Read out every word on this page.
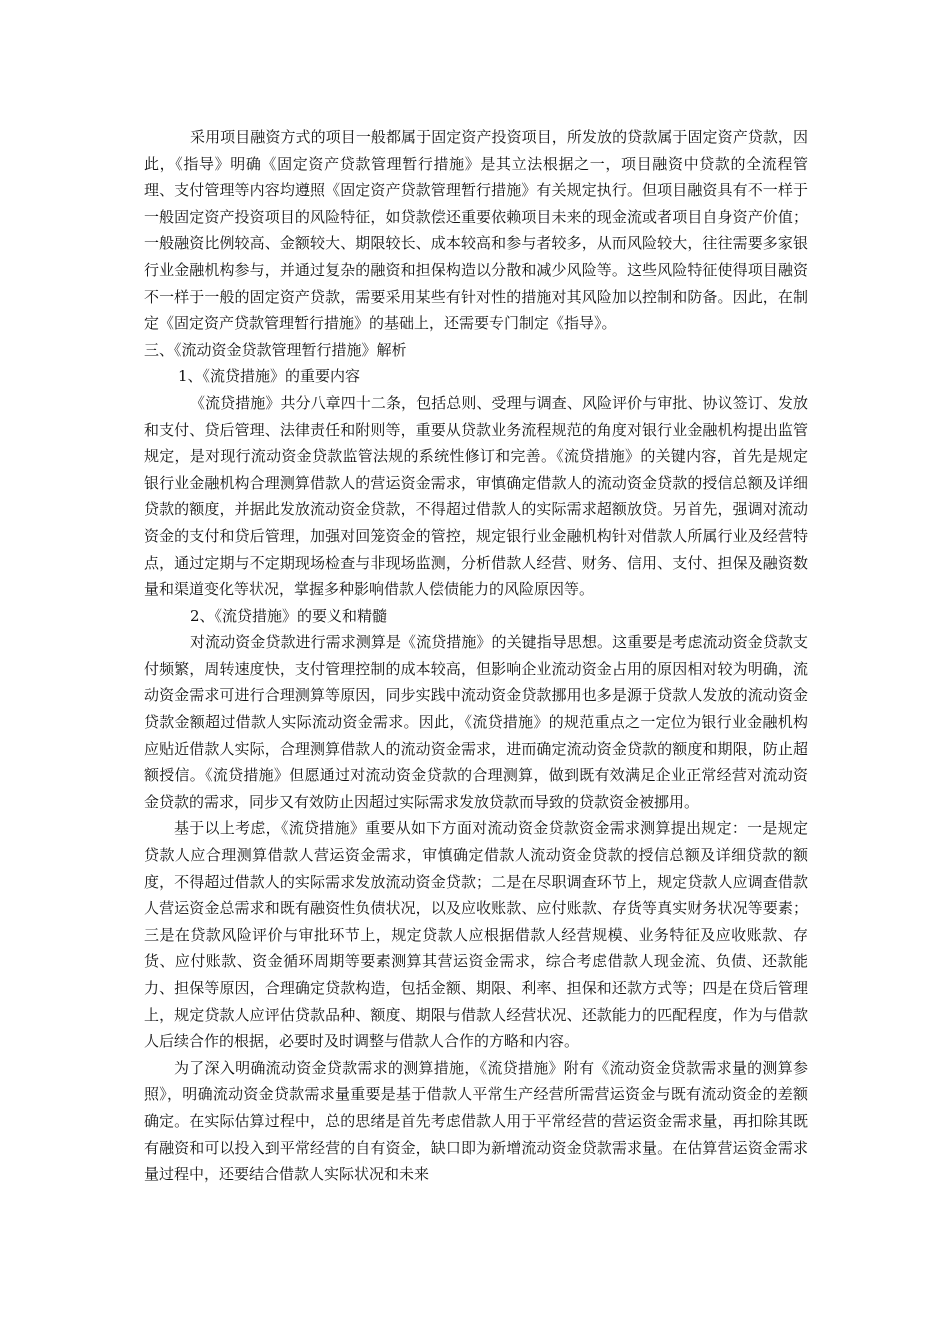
采用项目融资方式的项目一般都属于固定资产投资项目，所发放的贷款属于固定资产贷款，因此，《指导》明确《固定资产贷款管理暂行措施》是其立法根据之一，项目融资中贷款的全流程管理、支付管理等内容均遵照《固定资产贷款管理暂行措施》有关规定执行。但项目融资具有不一样于一般固定资产投资项目的风险特征，如贷款偿还重要依赖项目未来的现金流或者项目自身资产价值；一般融资比例较高、金额较大、期限较长、成本较高和参与者较多，从而风险较大，往往需要多家银行业金融机构参与，并通过复杂的融资和担保构造以分散和减少风险等。这些风险特征使得项目融资不一样于一般的固定资产贷款，需要采用某些有针对性的措施对其风险加以控制和防备。因此，在制定《固定资产贷款管理暂行措施》的基础上，还需要专门制定《指导》。

三、《流动资金贷款管理暂行措施》解析

1、《流贷措施》的重要内容

《流贷措施》共分八章四十二条，包括总则、受理与调查、风险评价与审批、协议签订、发放和支付、贷后管理、法律责任和附则等，重要从贷款业务流程规范的角度对银行业金融机构提出监管规定，是对现行流动资金贷款监管法规的系统性修订和完善。《流贷措施》的关键内容，首先是规定银行业金融机构合理测算借款人的营运资金需求，审慎确定借款人的流动资金贷款的授信总额及详细贷款的额度，并据此发放流动资金贷款，不得超过借款人的实际需求超额放贷。另首先，强调对流动资金的支付和贷后管理，加强对回笼资金的管控，规定银行业金融机构针对借款人所属行业及经营特点，通过定期与不定期现场检查与非现场监测，分析借款人经营、财务、信用、支付、担保及融资数量和渠道变化等状况，掌握多种影响借款人偿债能力的风险原因等。

2、《流贷措施》的要义和精髓

对流动资金贷款进行需求测算是《流贷措施》的关键指导思想。这重要是考虑流动资金贷款支付频繁，周转速度快，支付管理控制的成本较高，但影响企业流动资金占用的原因相对较为明确，流动资金需求可进行合理测算等原因，同步实践中流动资金贷款挪用也多是源于贷款人发放的流动资金贷款金额超过借款人实际流动资金需求。因此，《流贷措施》的规范重点之一定位为银行业金融机构应贴近借款人实际，合理测算借款人的流动资金需求，进而确定流动资金贷款的额度和期限，防止超额授信。《流贷措施》但愿通过对流动资金贷款的合理测算，做到既有效满足企业正常经营对流动资金贷款的需求，同步又有效防止因超过实际需求发放贷款而导致的贷款资金被挪用。

基于以上考虑，《流贷措施》重要从如下方面对流动资金贷款资金需求测算提出规定：一是规定贷款人应合理测算借款人营运资金需求，审慎确定借款人流动资金贷款的授信总额及详细贷款的额度，不得超过借款人的实际需求发放流动资金贷款；二是在尽职调查环节上，规定贷款人应调查借款人营运资金总需求和既有融资性负债状况，以及应收账款、应付账款、存货等真实财务状况等要素；三是在贷款风险评价与审批环节上，规定贷款人应根据借款人经营规模、业务特征及应收账款、存货、应付账款、资金循环周期等要素测算其营运资金需求，综合考虑借款人现金流、负债、还款能力、担保等原因，合理确定贷款构造，包括金额、期限、利率、担保和还款方式等；四是在贷后管理上，规定贷款人应评估贷款品种、额度、期限与借款人经营状况、还款能力的匹配程度，作为与借款人后续合作的根据，必要时及时调整与借款人合作的方略和内容。

为了深入明确流动资金贷款需求的测算措施，《流贷措施》附有《流动资金贷款需求量的测算参照》，明确流动资金贷款需求量重要是基于借款人平常生产经营所需营运资金与既有流动资金的差额确定。在实际估算过程中，总的思绪是首先考虑借款人用于平常经营的营运资金需求量，再扣除其既有融资和可以投入到平常经营的自有资金，缺口即为新增流动资金贷款需求量。在估算营运资金需求量过程中，还要结合借款人实际状况和未来
